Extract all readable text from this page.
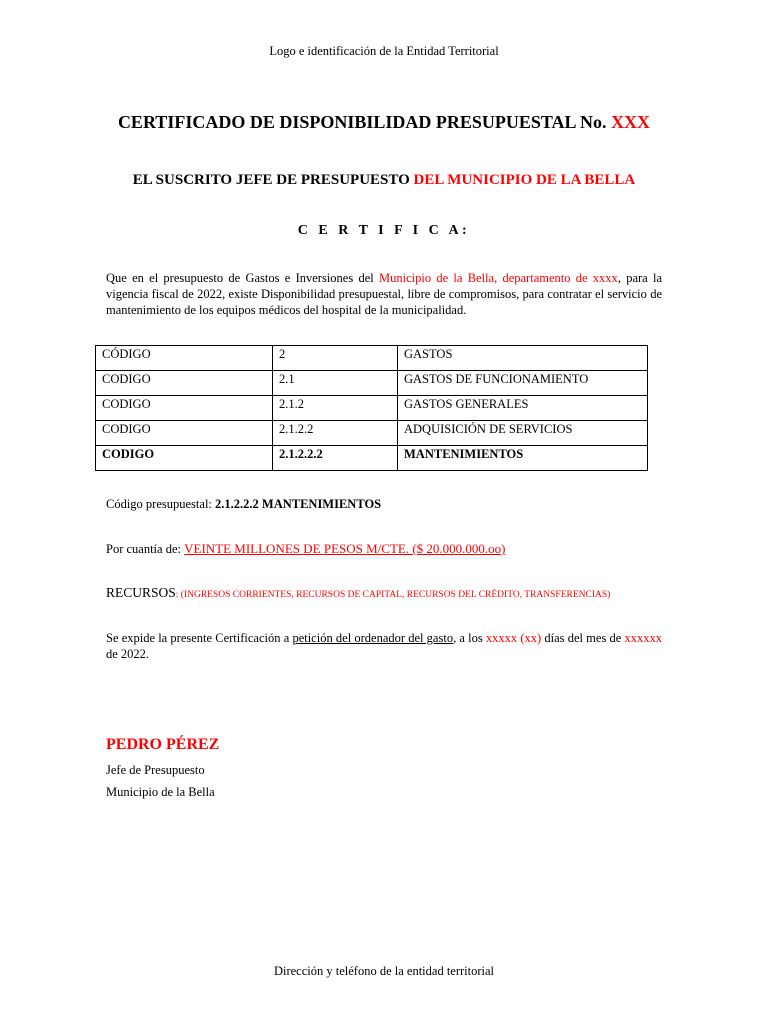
Logo e identificación de la Entidad Territorial
CERTIFICADO DE DISPONIBILIDAD PRESUPUESTAL No. XXX
EL SUSCRITO JEFE DE PRESUPUESTO DEL MUNICIPIO DE LA BELLA
C E R T I F I C A:
Que en el presupuesto de Gastos e Inversiones del Municipio de la Bella, departamento de xxxx, para la vigencia fiscal de 2022, existe Disponibilidad presupuestal, libre de compromisos, para contratar el servicio de mantenimiento de los equipos médicos del hospital de la municipalidad.
CÓDIGO	2	GASTOS
CODIGO	2.1	GASTOS DE FUNCIONAMIENTO
CODIGO	2.1.2	GASTOS GENERALES
CODIGO	2.1.2.2	ADQUISICIÓN DE SERVICIOS
CODIGO	2.1.2.2.2	MANTENIMIENTOS
Código presupuestal: 2.1.2.2.2 MANTENIMIENTOS
Por cuantía de: VEINTE MILLONES DE PESOS M/CTE. ($ 20.000.000.oo)
RECURSOS: (INGRESOS CORRIENTES, RECURSOS DE CAPITAL, RECURSOS DEL CRÉDITO, TRANSFERENCIAS)
Se expide la presente Certificación a petición del ordenador del gasto, a los xxxxx (xx) días del mes de xxxxxx de 2022.
PEDRO PÉREZ
Jefe de Presupuesto
Municipio de la Bella
Dirección y teléfono de la entidad territorial
